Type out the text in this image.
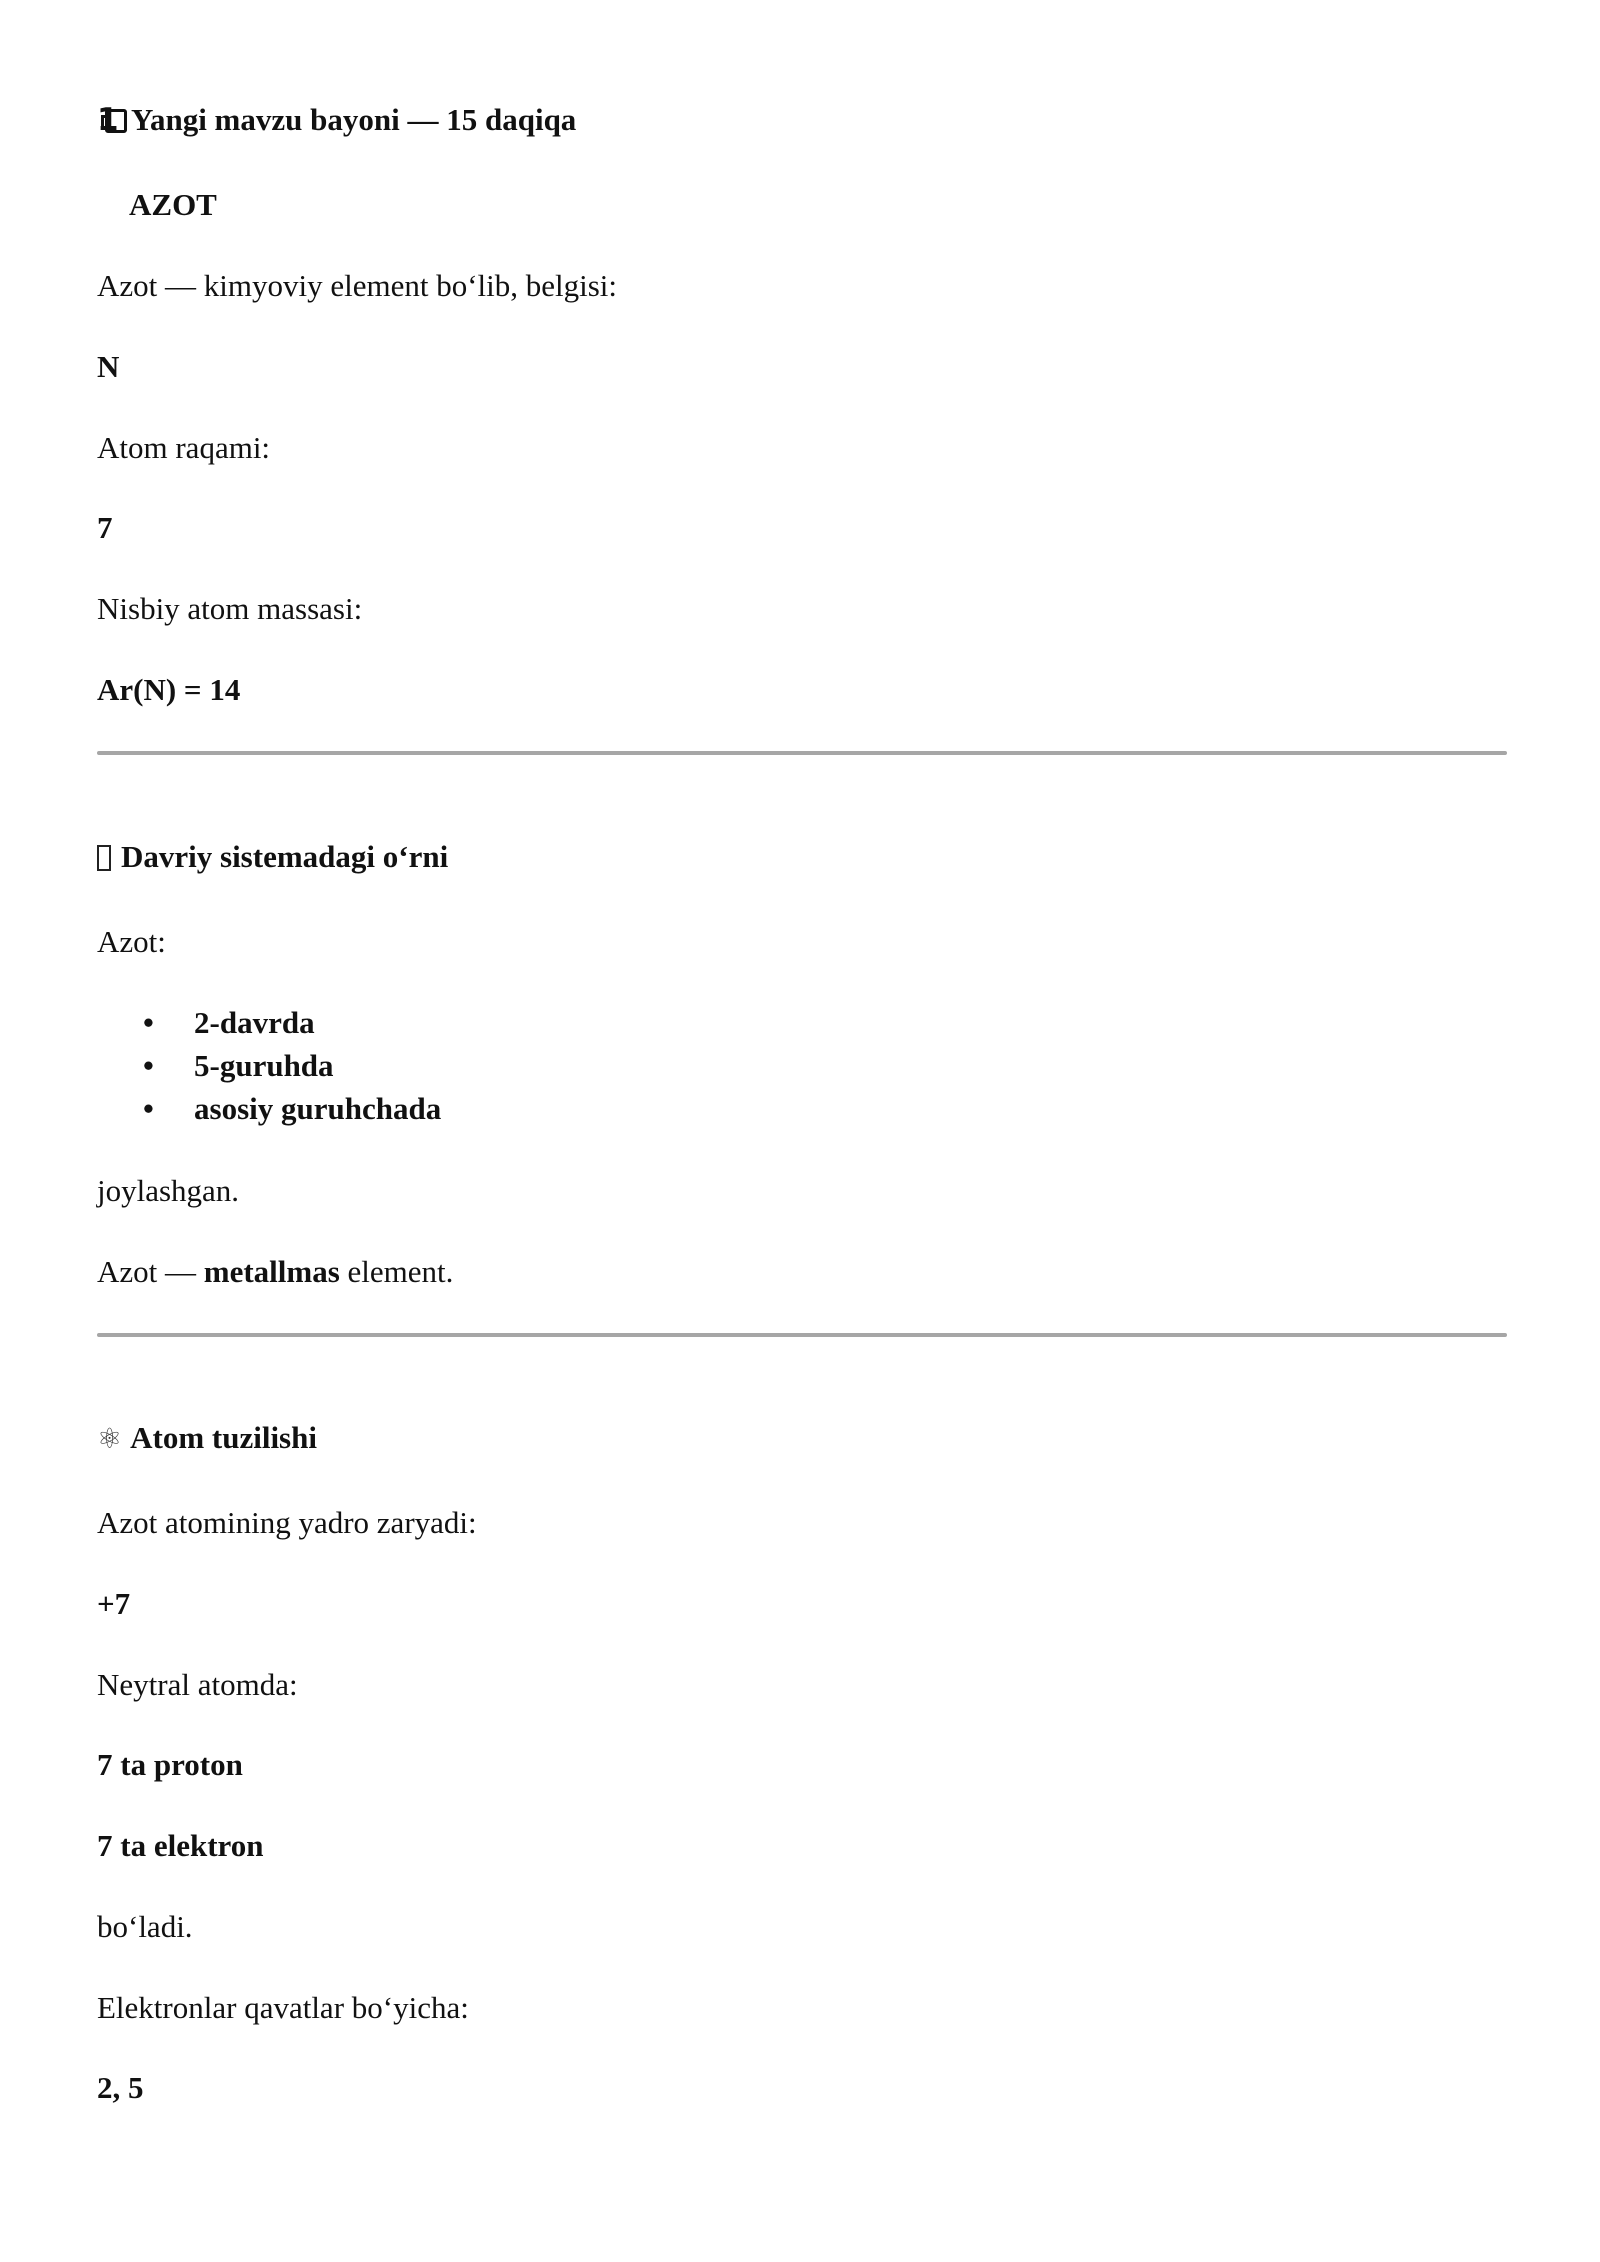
1 Yangi mavzu bayoni — 15 daqiqa
AZOT
Azot — kimyoviy element bo‘lib, belgisi:
N
Atom raqami:
7
Nisbiy atom massasi:
Ar(N) = 14
Davriy sistemadagi o‘rni
Azot:
• 2-davrda
• 5-guruhda
• asosiy guruhchada
joylashgan.
Azot — metallmas element.
⚛ Atom tuzilishi
Azot atomining yadro zaryadi:
+7
Neytral atomda:
7 ta proton
7 ta elektron
bo‘ladi.
Elektronlar qavatlar bo‘yicha:
2, 5
